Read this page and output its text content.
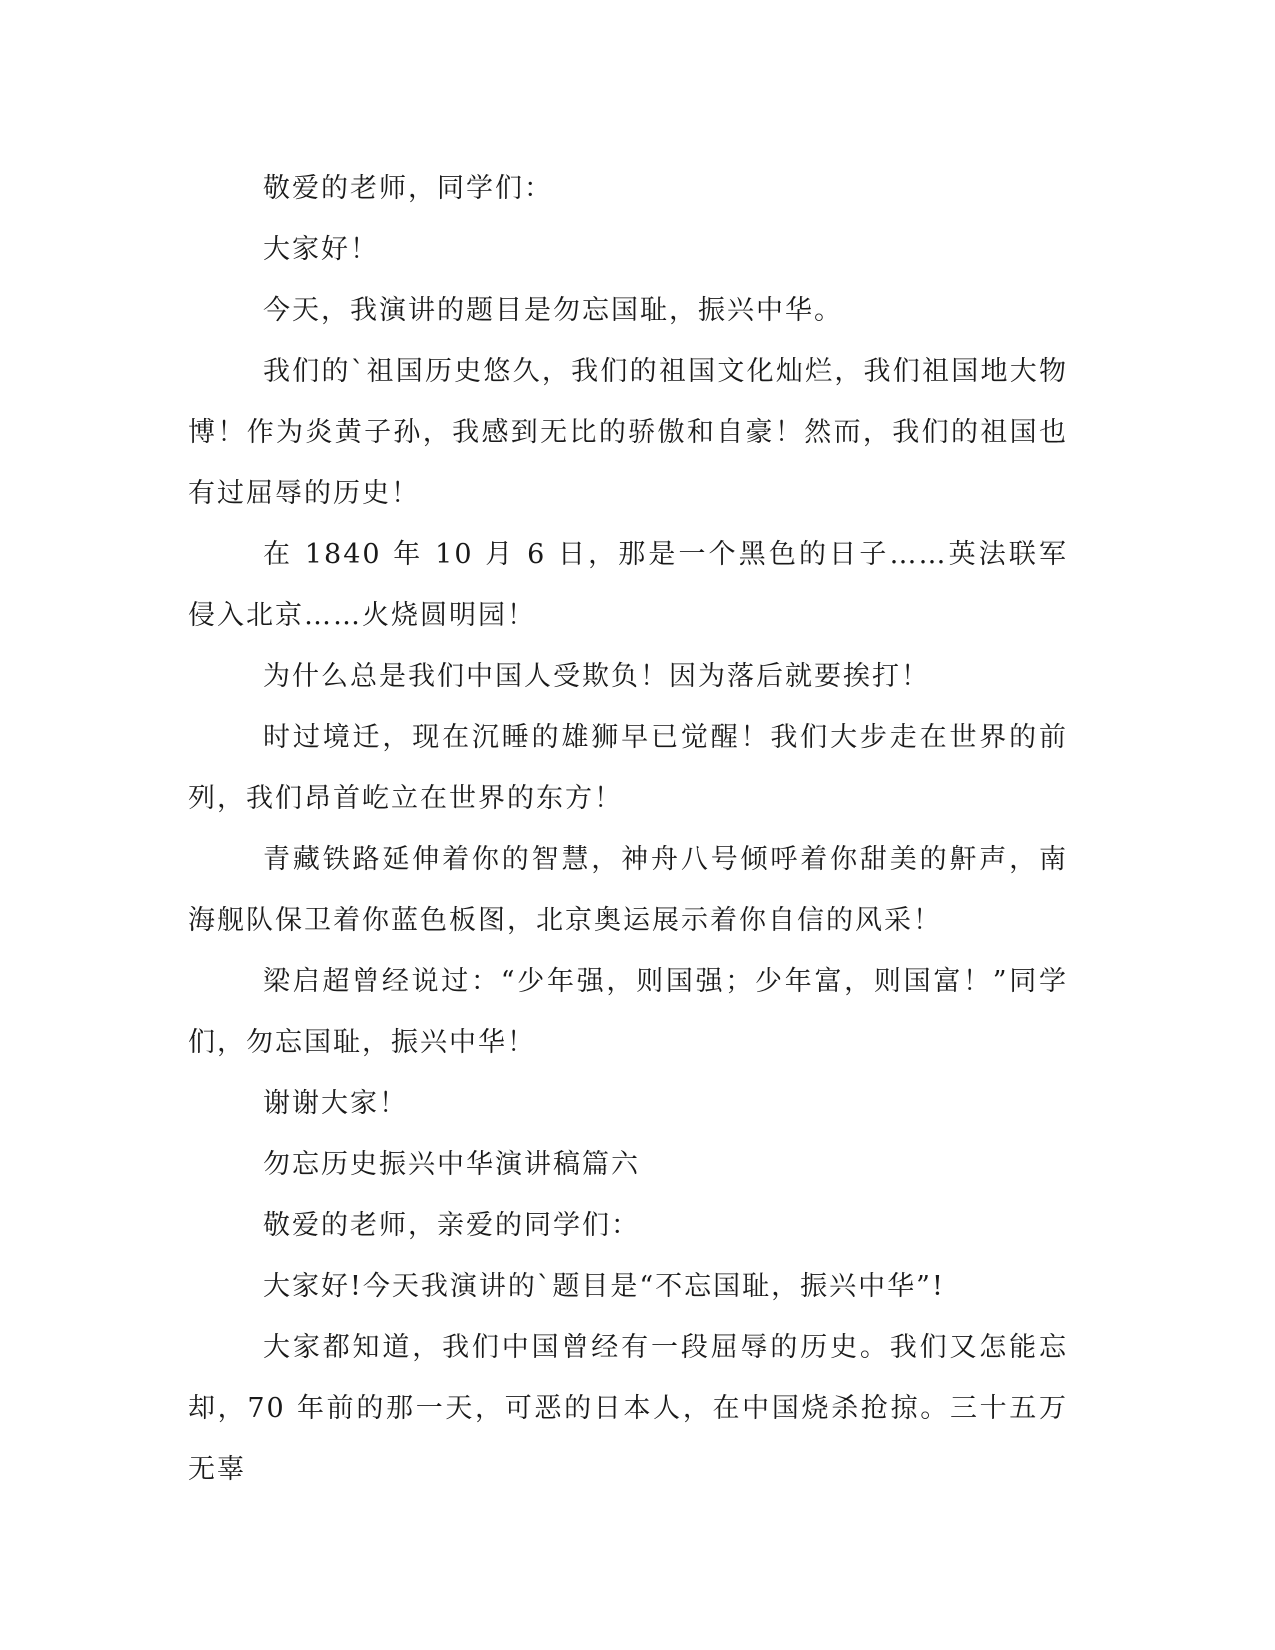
敬爱的老师，同学们：

大家好！

今天，我演讲的题目是勿忘国耻，振兴中华。

我们的`祖国历史悠久，我们的祖国文化灿烂，我们祖国地大物博！作为炎黄子孙，我感到无比的骄傲和自豪！然而，我们的祖国也有过屈辱的历史！

在 1840 年 10 月 6 日，那是一个黑色的日子……英法联军侵入北京……火烧圆明园！

为什么总是我们中国人受欺负！因为落后就要挨打！

时过境迁，现在沉睡的雄狮早已觉醒！我们大步走在世界的前列，我们昂首屹立在世界的东方！

青藏铁路延伸着你的智慧，神舟八号倾呼着你甜美的鼾声，南海舰队保卫着你蓝色板图，北京奥运展示着你自信的风采！

梁启超曾经说过：“少年强，则国强；少年富，则国富！”同学们，勿忘国耻，振兴中华！

谢谢大家！

勿忘历史振兴中华演讲稿篇六

敬爱的老师，亲爱的同学们：

大家好!今天我演讲的`题目是“不忘国耻，振兴中华”!

大家都知道，我们中国曾经有一段屈辱的历史。我们又怎能忘却，70 年前的那一天，可恶的日本人，在中国烧杀抢掠。三十五万无辜
